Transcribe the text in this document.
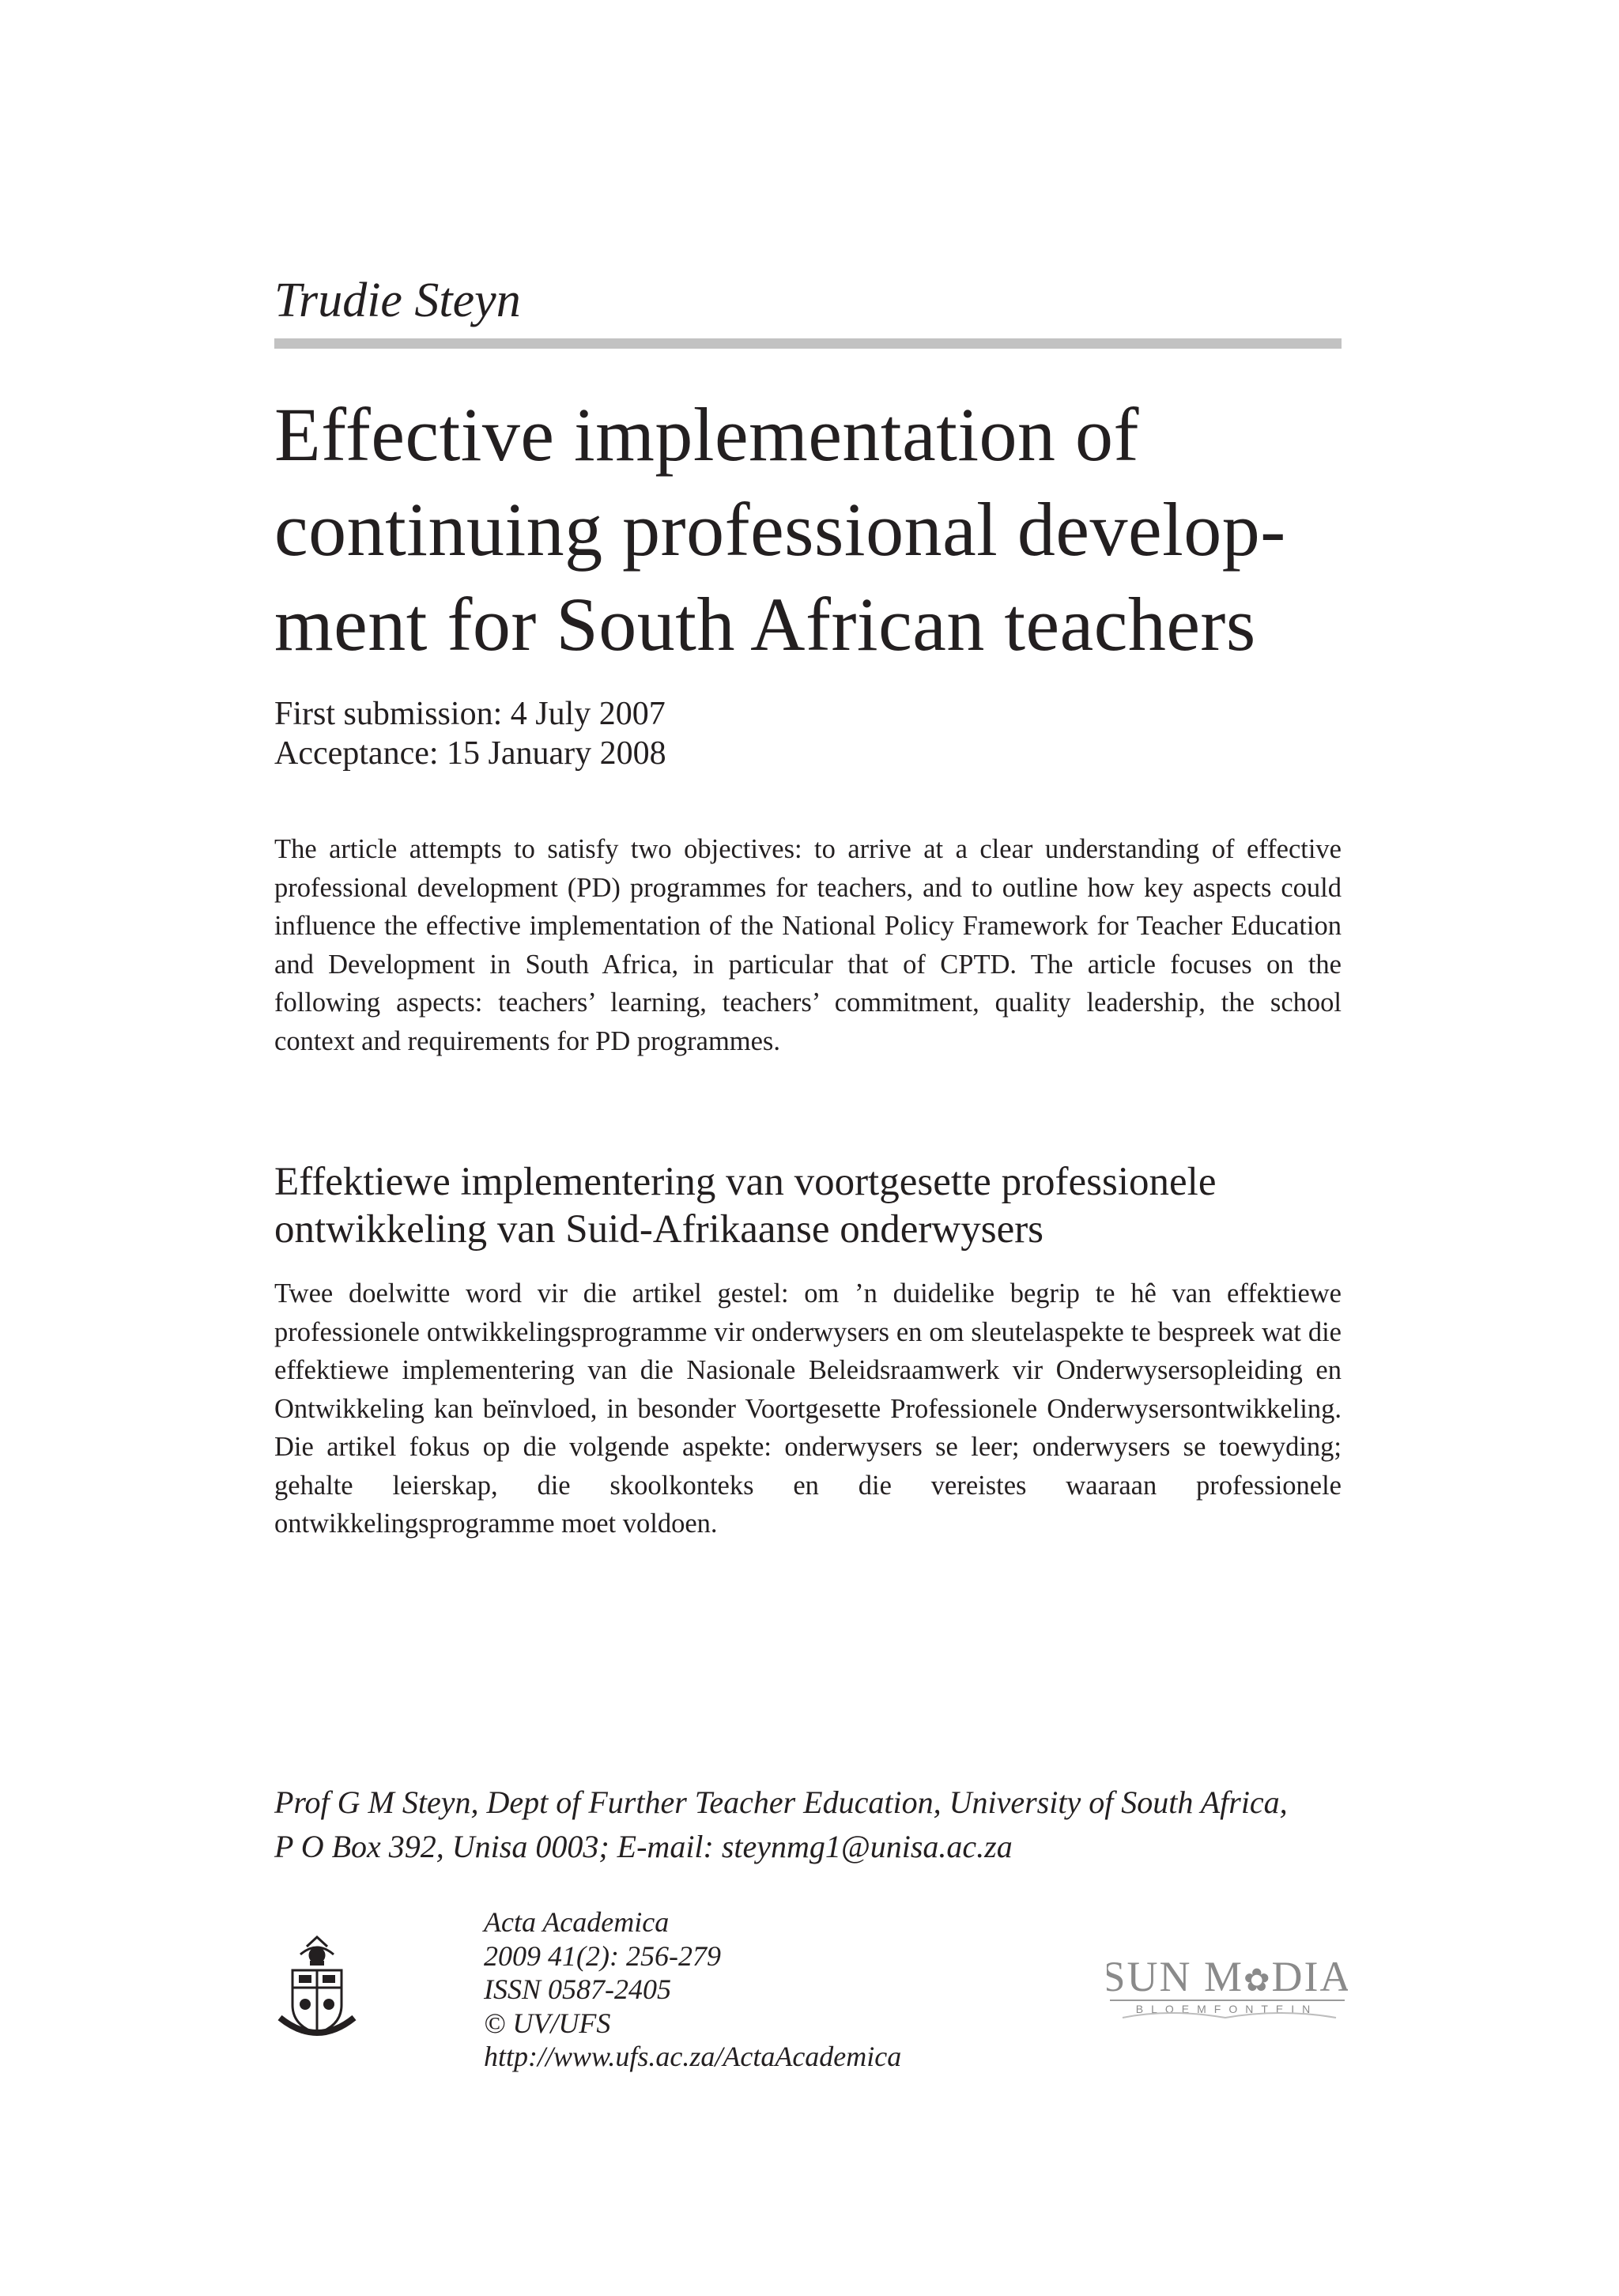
Trudie Steyn
Effective implementation of
continuing professional develop-
ment for South African teachers
First submission: 4 July 2007
Acceptance: 15 January 2008

The article attempts to satisfy two objectives: to arrive at a clear understanding of effective professional development (PD) programmes for teachers, and to outline how key aspects could influence the effective implementation of the National Policy Framework for Teacher Education and Development in South Africa, in particular that of CPTD. The article focuses on the following aspects: teachers’ learning, teachers’ commitment, quality leadership, the school context and requirements for PD programmes.

Effektiewe implementering van voortgesette professionele
ontwikkeling van Suid-Afrikaanse onderwysers

Twee doelwitte word vir die artikel gestel: om ’n duidelike begrip te hê van effektiewe professionele ontwikkelingsprogramme vir onderwysers en om sleutelaspekte te bespreek wat die effektiewe implementering van die Nasionale Beleidsraamwerk vir Onderwysersopleiding en Ontwikkeling kan beïnvloed, in besonder Voortgesette Professionele Onderwysersontwikkeling. Die artikel fokus op die volgende aspekte: onderwysers se leer; onderwysers se toewyding; gehalte leierskap, die skoolkonteks en die vereistes waaraan professionele ontwikkelingsprogramme moet voldoen.

Prof G M Steyn, Dept of Further Teacher Education, University of South Africa,
P O Box 392, Unisa 0003; E-mail: steynmg1@unisa.ac.za
Acta Academica
2009 41(2): 256-279
ISSN 0587-2405
© UV/UFS
http://www.ufs.ac.za/ActaAcademica
SUN M✿DIA
BLOEMFONTEIN
